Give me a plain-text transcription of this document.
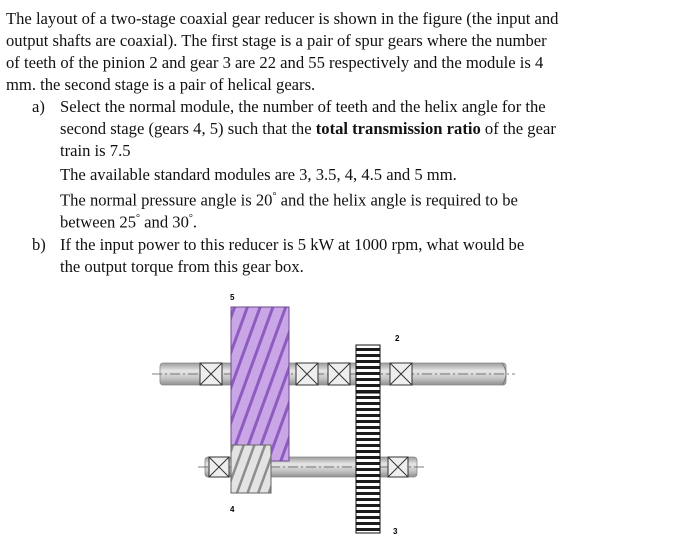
The layout of a two-stage coaxial gear reducer is shown in the figure (the input and
output shafts are coaxial). The first stage is a pair of spur gears where the number
of teeth of the pinion 2 and gear 3 are 22 and 55 respectively and the module is 4
mm. the second stage is a pair of helical gears.
a) Select the normal module, the number of teeth and the helix angle for the
second stage (gears 4, 5) such that the total transmission ratio of the gear
train is 7.5
The available standard modules are 3, 3.5, 4, 4.5 and 5 mm.
The normal pressure angle is 20° and the helix angle is required to be
between 25° and 30°.
b) If the input power to this reducer is 5 kW at 1000 rpm, what would be
the output torque from this gear box.
5
2
4
3
